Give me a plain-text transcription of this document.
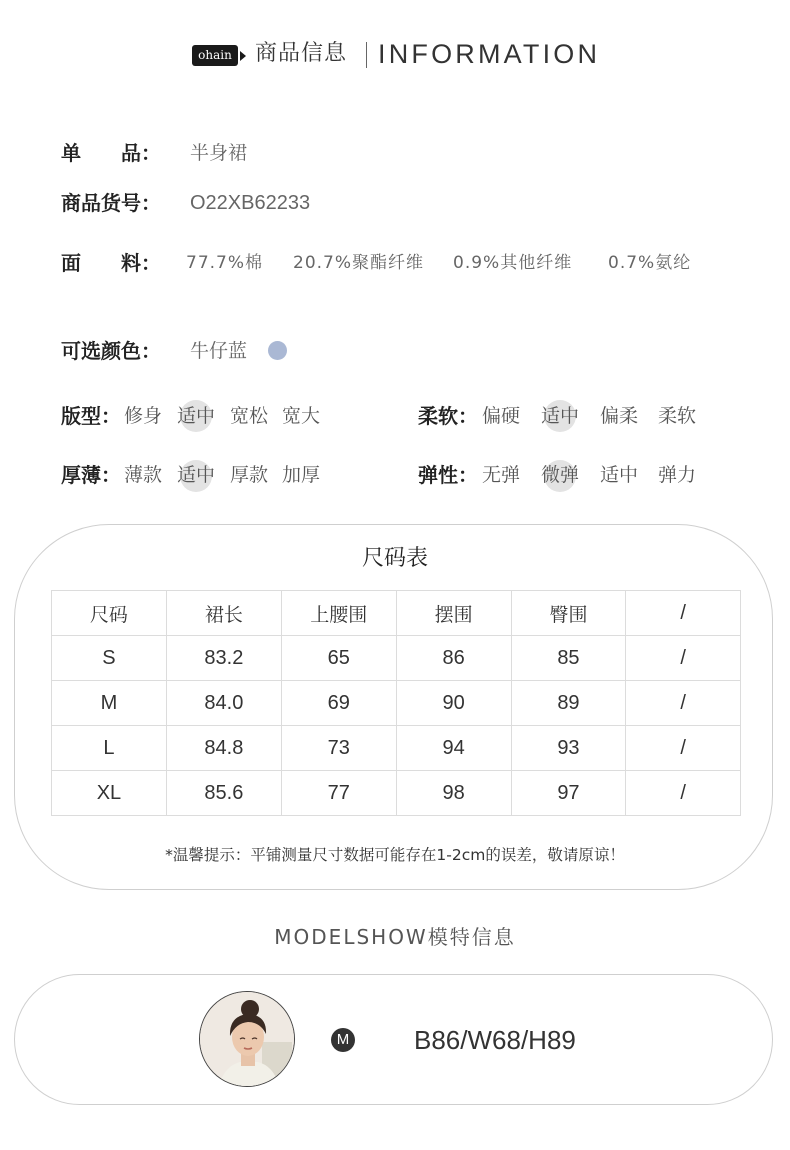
ohain 商品信息 INFORMATION
单　　品： 半身裙
商品货号： O22XB62233
面　　料： 77.7%棉 20.7%聚酯纤维 0.9%其他纤维 0.7%氨纶
可选颜色： 牛仔蓝
版型： 修身 适中 宽松 宽大	柔软： 偏硬 适中 偏柔 柔软
厚薄： 薄款 适中 厚款 加厚	弹性： 无弹 微弹 适中 弹力
尺码表
尺码	裙长	上腰围	摆围	臀围	/
S	83.2	65	86	85	/
M	84.0	69	90	89	/
L	84.8	73	94	93	/
XL	85.6	77	98	97	/
*温馨提示：平铺测量尺寸数据可能存在1-2cm的误差，敬请原谅！
MODELSHOW模特信息
M B86/W68/H89
